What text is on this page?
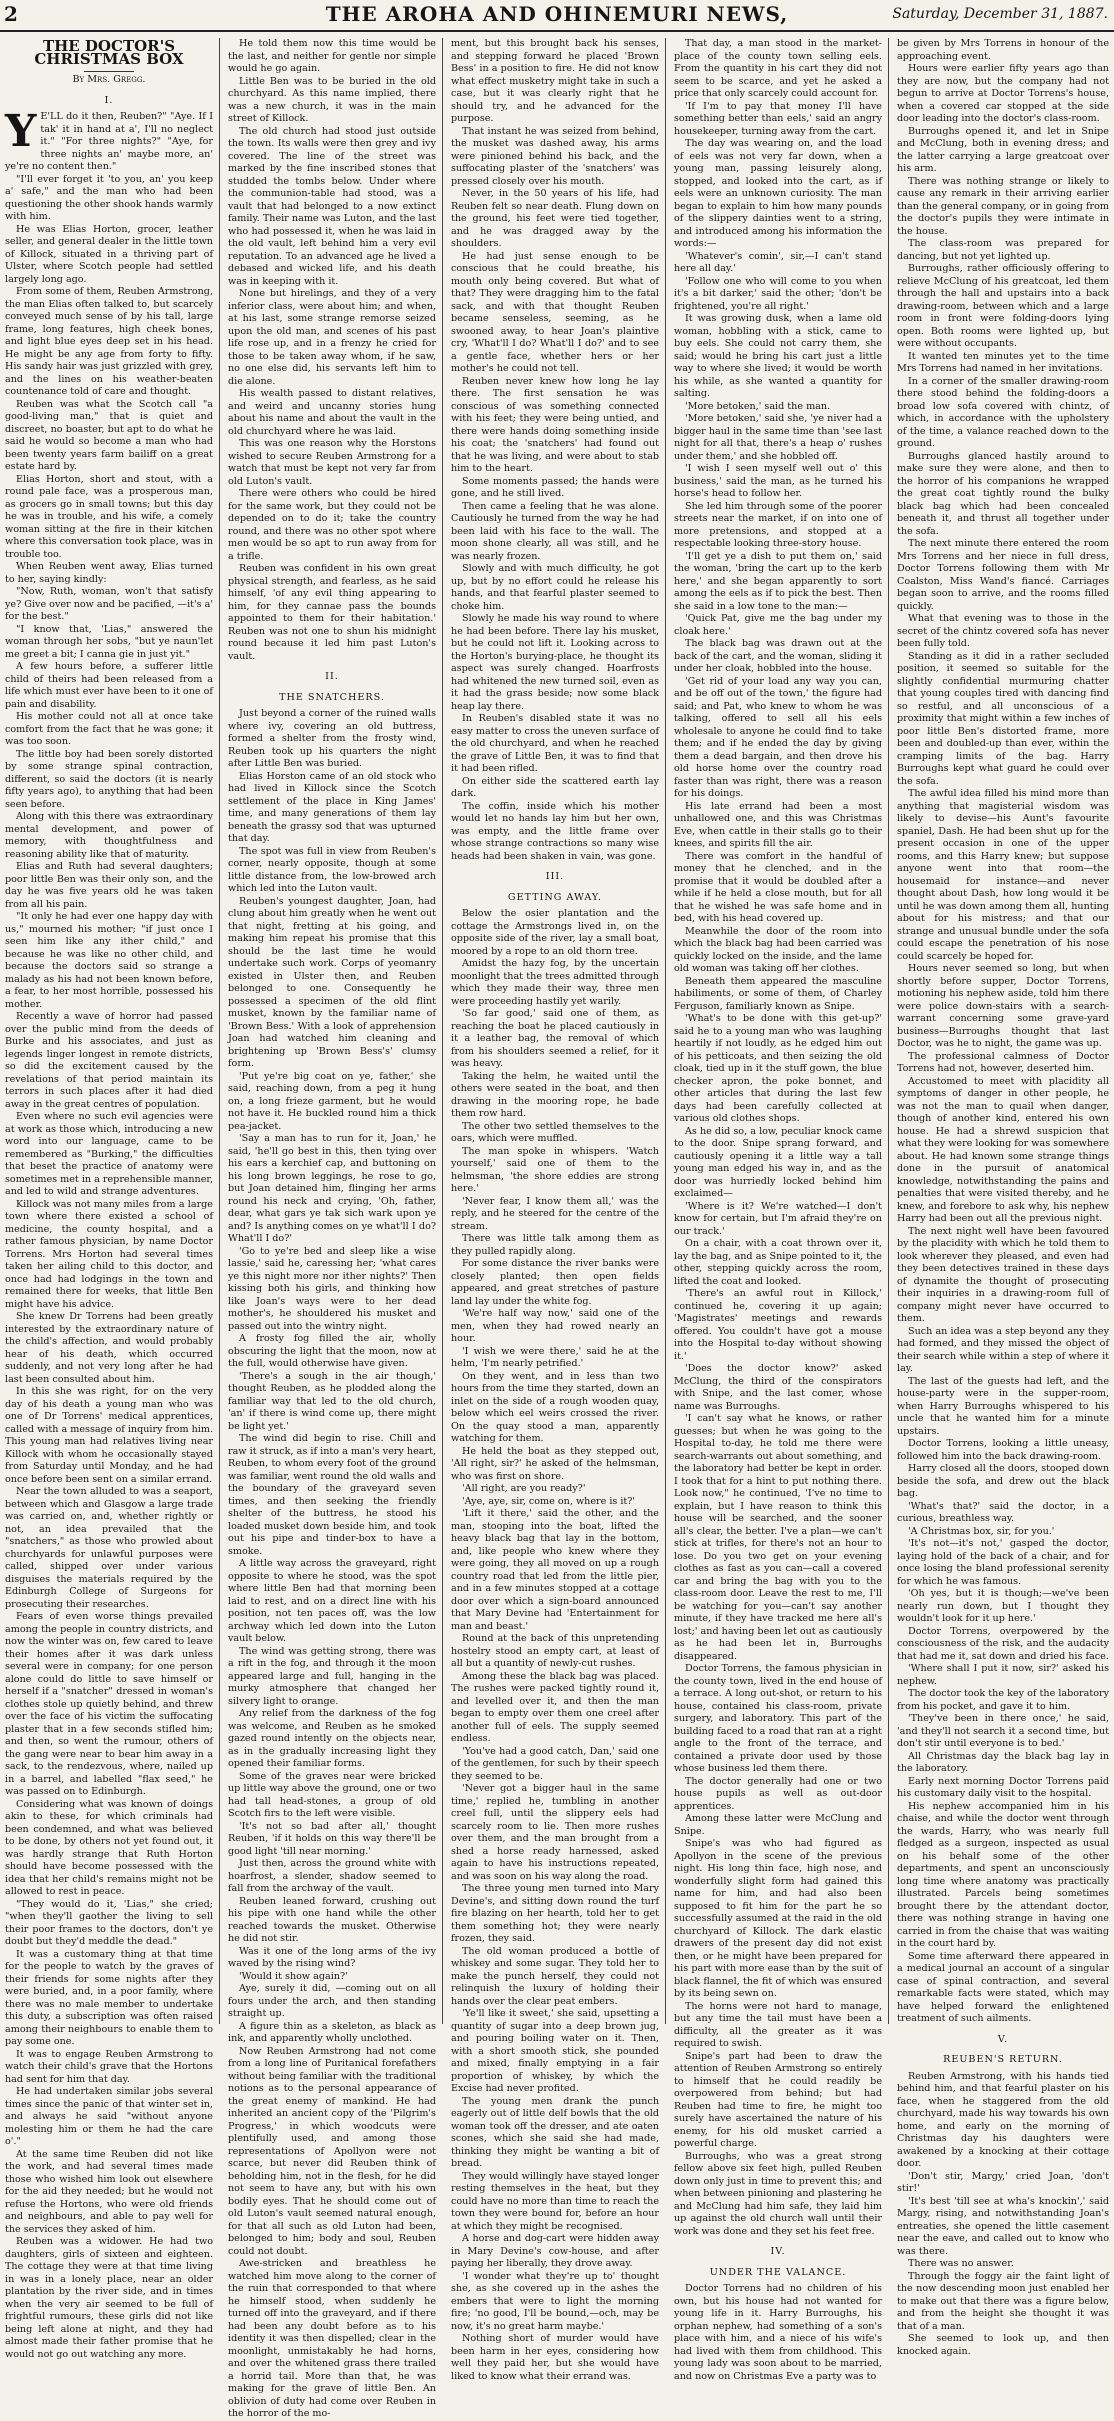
2	THE AROHA AND OHINEMURI NEWS,	Saturday, December 31, 1887.
THE DOCTOR'S CHRISTMAS BOX
By Mrs. Gregg.
I.

Y E'LL do it then, Reuben?" "Aye. If I tak' it in hand at a', I'll no neglect it." "For three nights?" "Aye, for three nights an' maybe more, an' ye're no content then."

"I'll ever forget it 'to you, an' you keep a' safe," and the man who had been questioning the other shook hands warmly with him.

He was Elias Horton, grocer, leather seller, and general dealer in the little town of Killock, situated in a thriving part of Ulster, where Scotch people had settled largely long ago.

From some of them, Reuben Armstrong, the man Elias often talked to, but scarcely conveyed much sense of by his tall, large frame, long features, high cheek bones, and light blue eyes deep set in his head. He might be any age from forty to fifty. His sandy hair was just grizzled with grey, and the lines on his weather-beaten countenance told of care and thought.

Reuben was what the Scotch call "a good-living man," that is quiet and discreet, no boaster, but apt to do what he said he would so become a man who had been twenty years farm bailiff on a great estate hard by.

Elias Horton, short and stout, with a round pale face, was a prosperous man, as grocers go in small towns; but this day he was in trouble, and his wife, a comely woman sitting at the fire in their kitchen where this conversation took place, was in trouble too.

When Reuben went away, Elias turned to her, saying kindly:

"Now, Ruth, woman, won't that satisfy ye? Give over now and be pacified, —it's a' for the best."

"I know that, 'Lias," answered the woman through her sobs, "but ye naun'let me greet a bit; I canna gie in just yit."

A few hours before, a sufferer little child of theirs had been released from a life which must ever have been to it one of pain and disability.

His mother could not all at once take comfort from the fact that he was gone; it was too soon.

The little boy had been sorely distorted by some strange spinal contraction, different, so said the doctors (it is nearly fifty years ago), to anything that had been seen before.

Along with this there was extraordinary mental development, and power of memory, with thoughtfulness and reasoning ability like that of maturity.

Elias and Ruth had several daughters; poor little Ben was their only son, and the day he was five years old he was taken from all his pain.

"It only he had ever one happy day with us," mourned his mother; "if just once I seen him like any ither child," and because he was like no other child, and because the doctors said so strange a malady as his had not been known before, a fear, to her most horrible, possessed his mother.

Recently a wave of horror had passed over the public mind from the deeds of Burke and his associates, and just as legends linger longest in remote districts, so did the excitement caused by the revelations of that period maintain its terrors in such places after it had died away in the great centres of population.

Even where no such evil agencies were at work as those which, introducing a new word into our language, came to be remembered as "Burking," the difficulties that beset the practice of anatomy were sometimes met in a reprehensible manner, and led to wild and strange adventures.

Killock was not many miles from a large town where there existed a school of medicine, the county hospital, and a rather famous physician, by name Doctor Torrens. Mrs Horton had several times taken her ailing child to this doctor, and once had had lodgings in the town and remained there for weeks, that little Ben might have his advice.

She knew Dr Torrens had been greatly interested by the extraordinary nature of the child's affection, and would probably hear of his death, which occurred suddenly, and not very long after he had last been consulted about him.

In this she was right, for on the very day of his death a young man who was one of Dr Torrens' medical apprentices, called with a message of inquiry from him. This young man had relatives living near Killock with whom he occasionally stayed from Saturday until Monday, and he had once before been sent on a similar errand.

Near the town alluded to was a seaport, between which and Glasgow a large trade was carried on, and, whether rightly or not, an idea prevailed that the "snatchers," as those who prowled about churchyards for unlawful purposes were called, shipped over under various disguises the materials required by the Edinburgh College of Surgeons for prosecuting their researches.

Fears of even worse things prevailed among the people in country districts, and now the winter was on, few cared to leave their homes after it was dark unless several were in company; for one person alone could do little to save himself or herself if a "snatcher" dressed in woman's clothes stole up quietly behind, and threw over the face of his victim the suffocating plaster that in a few seconds stifled him; and then, so went the rumour, others of the gang were near to bear him away in a sack, to the rendezvous, where, nailed up in a barrel, and labelled "flax seed," he was passed on to Edinburgh.

Considering what was known of doings akin to these, for which criminals had been condemned, and what was believed to be done, by others not yet found out, it was hardly strange that Ruth Horton should have become possessed with the idea that her child's remains might not be allowed to rest in peace.

"They would do it, 'Lias," she cried; "when they'll gaother the living to sell their poor frames to the doctors, don't ye doubt but they'd meddle the dead."

It was a customary thing at that time for the people to watch by the graves of their friends for some nights after they were buried, and, in a poor family, where there was no male member to undertake this duty, a subscription was often raised among their neighbours to enable them to pay some one.

It was to engage Reuben Armstrong to watch their child's grave that the Hortons had sent for him that day.

He had undertaken similar jobs several times since the panic of that winter set in, and always he said "without anyone molesting him or them he had the care o'."

At the same time Reuben did not like the work, and had several times made those who wished him look out elsewhere for the aid they needed; but he would not refuse the Hortons, who were old friends and neighbours, and able to pay well for the services they asked of him.

Reuben was a widower. He had two daughters, girls of sixteen and eighteen. The cottage they were at that time living in was in a lonely place, near an older plantation by the river side, and in times when the very air seemed to be full of frightful rumours, these girls did not like being left alone at night, and they had almost made their father promise that he would not go out watching any more.

He told them now this time would be the last, and neither for gentle nor simple would he go again.

Little Ben was to be buried in the old churchyard. As this name implied, there was a new church, it was in the main street of Killock.

The old church had stood just outside the town. Its walls were then grey and ivy covered. The line of the street was marked by the fine inscribed stones that studded the tombs below. Under where the communion-table had stood, was a vault that had belonged to a now extinct family. Their name was Luton, and the last who had possessed it, when he was laid in the old vault, left behind him a very evil reputation. To an advanced age he lived a debased and wicked life, and his death was in keeping with it.

None but hirelings, and they of a very inferior class, were about him; and when, at his last, some strange remorse seized upon the old man, and scenes of his past life rose up, and in a frenzy he cried for those to be taken away whom, if he saw, no one else did, his servants left him to die alone.

His wealth passed to distant relatives, and weird and uncanny stories hung about his name and about the vault in the old churchyard where he was laid.

This was one reason why the Horstons wished to secure Reuben Armstrong for a watch that must be kept not very far from old Luton's vault.

There were others who could be hired for the same work, but they could not be depended on to do it; take the country round, and there was no other spot where men would be so apt to run away from for a trifle.

Reuben was confident in his own great physical strength, and fearless, as he said himself, 'of any evil thing appearing to him, for they cannae pass the bounds appointed to them for their habitation.' Reuben was not one to shun his midnight round because it led him past Luton's vault.

II.
THE SNATCHERS.

Just beyond a corner of the ruined walls where ivy, covering an old buttress, formed a shelter from the frosty wind, Reuben took up his quarters the night after Little Ben was buried.

Elias Horston came of an old stock who had lived in Killock since the Scotch settlement of the place in King James' time, and many generations of them lay beneath the grassy sod that was upturned that day.

The spot was full in view from Reuben's corner, nearly opposite, though at some little distance from, the low-browed arch which led into the Luton vault.

Reuben's youngest daughter, Joan, had clung about him greatly when he went out that night, fretting at his going, and making him repeat his promise that this should be the last time he would undertake such work. Corps of yeomanry existed in Ulster then, and Reuben belonged to one. Consequently he possessed a specimen of the old flint musket, known by the familiar name of 'Brown Bess.' With a look of apprehension Joan had watched him cleaning and brightening up 'Brown Bess's' clumsy form.

'Put ye're big coat on ye, father,' she said, reaching down, from a peg it hung on, a long frieze garment, but he would not have it. He buckled round him a thick pea-jacket.

'Say a man has to run for it, Joan,' he said, 'he'll go best in this, then tying over his ears a kerchief cap, and buttoning on his long brown leggings, he rose to go, but Joan detained him, flinging her arms round his neck and crying, 'Oh, father, dear, what gars ye tak sich wark upon ye and? Is anything comes on ye what'll I do? What'll I do?'

'Go to ye're bed and sleep like a wise lassie,' said he, caressing her; 'what cares ye this night more nor ither nights?' Then kissing both his girls, and thinking how like Joan's ways were to her dead mother's, he shouldered his musket and passed out into the wintry night.

A frosty fog filled the air, wholly obscuring the light that the moon, now at the full, would otherwise have given.

'There's a sough in the air though,' thought Reuben, as he plodded along the familiar way that led to the old church, 'an' if there is wind come up, there might be light yet.'

The wind did begin to rise. Chill and raw it struck, as if into a man's very heart, Reuben, to whom every foot of the ground was familiar, went round the old walls and the boundary of the graveyard seven times, and then seeking the friendly shelter of the buttress, he stood his loaded musket down beside him, and took out his pipe and tinder-box to have a smoke.

A little way across the graveyard, right opposite to where he stood, was the spot where little Ben had that morning been laid to rest, and on a direct line with his position, not ten paces off, was the low archway which led down into the Luton vault below.

The wind was getting strong, there was a rift in the fog, and through it the moon appeared large and full, hanging in the murky atmosphere that changed her silvery light to orange.

Any relief from the darkness of the fog was welcome, and Reuben as he smoked gazed round intently on the objects near, as in the gradually increasing light they opened their familiar forms.

Some of the graves near were bricked up little way above the ground, one or two had tall head-stones, a group of old Scotch firs to the left were visible.

'It's not so bad after all,' thought Reuben, 'if it holds on this way there'll be good light 'till near morning.'

Just then, across the ground white with hoarfrost, a slender, shadow seemed to fall from the archway of the vault.

Reuben leaned forward, crushing out his pipe with one hand while the other reached towards the musket. Otherwise he did not stir.

Was it one of the long arms of the ivy waved by the rising wind?

'Would it show again?'

Aye, surely it did, —coming out on all fours under the arch, and then standing straight up.

A figure thin as a skeleton, as black as ink, and apparently wholly unclothed.

Now Reuben Armstrong had not come from a long line of Puritanical forefathers without being familiar with the traditional notions as to the personal appearance of the great enemy of mankind. He had inherited an ancient copy of the 'Pilgrim's Progress,' in which woodcuts were plentifully used, and among those representations of Apollyon were not scarce, but never did Reuben think of beholding him, not in the flesh, for he did not seem to have any, but with his own bodily eyes. That he should come out of old Luton's vault seemed natural enough, for that all such as old Luton had been, belonged to him; body and soul, Reuben could not doubt.

Awe-stricken and breathless he watched him move along to the corner of the ruin that corresponded to that where he himself stood, when suddenly he turned off into the graveyard, and if there had been any doubt before as to his identity it was then dispelled; clear in the moonlight, unmistakably he had horns, and over the whitened grass there trailed a horrid tail. More than that, he was making for the grave of little Ben. An oblivion of duty had come over Reuben in the horror of the mo-

ment, but this brought back his senses, and stepping forward he placed 'Brown Bess' in a position to fire. He did not know what effect musketry might take in such a case, but it was clearly right that he should try, and he advanced for the purpose.

That instant he was seized from behind, the musket was dashed away, his arms were pinioned behind his back, and the suffocating plaster of the 'snatchers' was pressed closely over his mouth.

Never, in the 50 years of his life, had Reuben felt so near death. Flung down on the ground, his feet were tied together, and he was dragged away by the shoulders.

He had just sense enough to be conscious that he could breathe, his mouth only being covered. But what of that? They were dragging him to the fatal sack, and with that thought Reuben became senseless, seeming, as he swooned away, to hear Joan's plaintive cry, 'What'll I do? What'll I do?' and to see a gentle face, whether hers or her mother's he could not tell.

Reuben never knew how long he lay there. The first sensation he was conscious of was something connected with his feet; they were being untied, and there were hands doing something inside his coat; the 'snatchers' had found out that he was living, and were about to stab him to the heart.

Some moments passed; the hands were gone, and he still lived.

Then came a feeling that he was alone. Cautiously he turned from the way he had been laid with his face to the wall. The moon shone clearly, all was still, and he was nearly frozen.

Slowly and with much difficulty, he got up, but by no effort could he release his hands, and that fearful plaster seemed to choke him.

Slowly he made his way round to where he had been before. There lay his musket, but he could not lift it. Looking across to the Horton's burying-place, he thought its aspect was surely changed. Hoarfrosts had whitened the new turned soil, even as it had the grass beside; now some black heap lay there.

In Reuben's disabled state it was no easy matter to cross the uneven surface of the old churchyard, and when he reached the grave of Little Ben, it was to find that it had been rifled.

On either side the scattered earth lay dark.

The coffin, inside which his mother would let no hands lay him but her own, was empty, and the little frame over whose strange contractions so many wise heads had been shaken in vain, was gone.

III.
GETTING AWAY.

Below the osier plantation and the cottage the Armstrongs lived in, on the opposite side of the river, lay a small boat, moored by a rope to an old thorn tree.

Amidst the hazy fog, by the uncertain moonlight that the trees admitted through which they made their way, three men were proceeding hastily yet warily.

'So far good,' said one of them, as reaching the boat he placed cautiously in it a leather bag, the removal of which from his shoulders seemed a relief, for it was heavy.

Taking the helm, he waited until the others were seated in the boat, and then drawing in the mooring rope, he bade them row hard.

The other two settled themselves to the oars, which were muffled.

The man spoke in whispers. 'Watch yourself,' said one of them to the helmsman, 'the shore eddies are strong here.'

'Never fear, I know them all,' was the reply, and he steered for the centre of the stream.

There was little talk among them as they pulled rapidly along.

For some distance the river banks were closely planted; then open fields appeared, and great stretches of pasture land lay under the white fog.

'We're half way now,' said one of the men, when they had rowed nearly an hour.

'I wish we were there,' said he at the helm, 'I'm nearly petrified.'

On they went, and in less than two hours from the time they started, down an inlet on the side of a rough wooden quay, below which eel weirs crossed the river. On the quay stood a man, apparently watching for them.

He held the boat as they stepped out, 'All right, sir?' he asked of the helmsman, who was first on shore.

'All right, are you ready?'

'Aye, aye, sir, come on, where is it?'

'Lift it there,' said the other, and the man, stooping into the boat, lifted the heavy black bag that lay in the bottom, and, like people who knew where they were going, they all moved on up a rough country road that led from the little pier, and in a few minutes stopped at a cottage door over which a sign-board announced that Mary Devine had 'Entertainment for man and beast.'

Round at the back of this unpretending hostelry stood an empty cart, at least of all but a quantity of newly-cut rushes.

Among these the black bag was placed. The rushes were packed tightly round it, and levelled over it, and then the man began to empty over them one creel after another full of eels. The supply seemed endless.

'You've had a good catch, Dan,' said one of the gentlemen, for such by their speech they seemed to be.

'Never got a bigger haul in the same time,' replied he, tumbling in another creel full, until the slippery eels had scarcely room to lie. Then more rushes over them, and the man brought from a shed a horse ready harnessed, asked again to have his instructions repeated, and was soon on his way along the road.

The three young men turned into Mary Devine's, and sitting down round the turf fire blazing on her hearth, told her to get them something hot; they were nearly frozen, they said.

The old woman produced a bottle of whiskey and some sugar. They told her to make the punch herself, they could not relinquish the luxury of holding their hands over the clear peat embers.

'Ye'll like it sweet,' she said, upsetting a quantity of sugar into a deep brown jug, and pouring boiling water on it. Then, with a short smooth stick, she pounded and mixed, finally emptying in a fair proportion of whiskey, by which the Excise had never profited.

The young men drank the punch eagerly out of little delf bowls that the old woman took off the dresser, and ate oaten scones, which she said she had made, thinking they might be wanting a bit of bread.

They would willingly have stayed longer resting themselves in the heat, but they could have no more than time to reach the town they were bound for, before an hour at which they might be recognised.

A horse and dog-cart were hidden away in Mary Devine's cow-house, and after paying her liberally, they drove away.

'I wonder what they're up to' thought she, as she covered up in the ashes the embers that were to light the morning fire; 'no good, I'll be bound,—och, may be now, it's no great harm maybe.'

Nothing short of murder would have been harm in her eyes, considering how well they paid her, but she would have liked to know what their errand was.

That day, a man stood in the market-place of the county town selling eels. From the quantity in his cart they did not seem to be scarce, and yet he asked a price that only scarcely could account for.

'If I'm to pay that money I'll have something better than eels,' said an angry housekeeper, turning away from the cart.

The day was wearing on, and the load of eels was not very far down, when a young man, passing leisurely along, stopped, and looked into the cart, as if eels were an unknown curiosity. The man began to explain to him how many pounds of the slippery dainties went to a string, and introduced among his information the words:—

'Whatever's comin', sir,—I can't stand here all day.'

'Follow one who will come to you when it's a bit darker,' said the other; 'don't be frightened, you're all right.'

It was growing dusk, when a lame old woman, hobbling with a stick, came to buy eels. She could not carry them, she said; would he bring his cart just a little way to where she lived; it would be worth his while, as she wanted a quantity for salting.

'More betoken,' said the man.

'More betoken,' said she, 'ye niver had a bigger haul in the same time than 'see last night for all that, there's a heap o' rushes under them,' and she hobbled off.

'I wish I seen myself well out o' this business,' said the man, as he turned his horse's head to follow her.

She led him through some of the poorer streets near the market, if on into one of more pretensions, and stopped at a respectable looking three-story house.

'I'll get ye a dish to put them on,' said the woman, 'bring the cart up to the kerb here,' and she began apparently to sort among the eels as if to pick the best. Then she said in a low tone to the man:—

'Quick Pat, give me the bag under my cloak here.'

The black bag was drawn out at the back of the cart, and the woman, sliding it under her cloak, hobbled into the house.

'Get rid of your load any way you can, and be off out of the town,' the figure had said; and Pat, who knew to whom he was talking, offered to sell all his eels wholesale to anyone he could find to take them; and if he ended the day by giving them a dead bargain, and then drove his old horse home over the country road faster than was right, there was a reason for his doings.

His late errand had been a most unhallowed one, and this was Christmas Eve, when cattle in their stalls go to their knees, and spirits fill the air.

There was comfort in the handful of money that he clenched, and in the promise that it would be doubled after a while if he held a close mouth, but for all that he wished he was safe home and in bed, with his head covered up.

Meanwhile the door of the room into which the black bag had been carried was quickly locked on the inside, and the lame old woman was taking off her clothes.

Beneath them appeared the masculine habiliments, or some of them, of Charley Ferguson, familiarly known as Snipe.

'What's to be done with this get-up?' said he to a young man who was laughing heartily if not loudly, as he edged him out of his petticoats, and then seizing the old cloak, tied up in it the stuff gown, the blue checker apron, the poke bonnet, and other articles that during the last few days had been carefully collected at various old clothes shops.

As he did so, a low, peculiar knock came to the door. Snipe sprang forward, and cautiously opening it a little way a tall young man edged his way in, and as the door was hurriedly locked behind him exclaimed—

'Where is it? We're watched—I don't know for certain, but I'm afraid they're on our track.'

On a chair, with a coat thrown over it, lay the bag, and as Snipe pointed to it, the other, stepping quickly across the room, lifted the coat and looked.

'There's an awful rout in Killock,' continued he, covering it up again; 'Magistrates' meetings and rewards offered. You couldn't have got a mouse into the Hospital to-day without showing it.'

'Does the doctor know?' asked McClung, the third of the conspirators with Snipe, and the last comer, whose name was Burroughs.

'I can't say what he knows, or rather guesses; but when he was going to the Hospital to-day, he told me there were search-warrants out about something, and the laboratory had better be kept in order. I took that for a hint to put nothing there. Look now," he continued, 'I've no time to explain, but I have reason to think this house will be searched, and the sooner all's clear, the better. I've a plan—we can't stick at trifles, for there's not an hour to lose. Do you two get on your evening clothes as fast as you can—call a covered car and bring the bag with you to the class-room door. Leave the rest to me, I'll be watching for you—can't say another minute, if they have tracked me here all's lost;' and having been let out as cautiously as he had been let in, Burroughs disappeared.

Doctor Torrens, the famous physician in the county town, lived in the end house of a terrace. A long out-shot, or return to his house, contained his class-room, private surgery, and laboratory. This part of the building faced to a road that ran at a right angle to the front of the terrace, and contained a private door used by those whose business led them there.

The doctor generally had one or two house pupils as well as out-door apprentices.

Among these latter were McClung and Snipe.

Snipe's was who had figured as Apollyon in the scene of the previous night. His long thin face, high nose, and wonderfully slight form had gained this name for him, and had also been supposed to fit him for the part he so successfully assumed at the raid in the old churchyard of Killock. The dark elastic drawers of the present day did not exist then, or he might have been prepared for his part with more ease than by the suit of black flannel, the fit of which was ensured by its being sewn on.

The horns were not hard to manage, but any time the tail must have been a difficulty, all the greater as it was required to swish.

Snipe's part had been to draw the attention of Reuben Armstrong so entirely to himself that he could readily be overpowered from behind; but had Reuben had time to fire, he might too surely have ascertained the nature of his enemy, for his old musket carried a powerful charge.

Burroughs, who was a great strong fellow above six feet high, pulled Reuben down only just in time to prevent this; and when between pinioning and plastering he and McClung had him safe, they laid him up against the old church wall until their work was done and they set his feet free.

IV.
UNDER THE VALANCE.

Doctor Torrens had no children of his own, but his house had not wanted for young life in it. Harry Burroughs, his orphan nephew, had something of a son's place with him, and a niece of his wife's had lived with them from childhood. This young lady was soon about to be married, and now on Christmas Eve a party was to

be given by Mrs Torrens in honour of the approaching event.

Hours were earlier fifty years ago than they are now, but the company had not begun to arrive at Doctor Torrens's house, when a covered car stopped at the side door leading into the doctor's class-room.

Burroughs opened it, and let in Snipe and McClung, both in evening dress; and the latter carrying a large greatcoat over his arm.

There was nothing strange or likely to cause any remark in their arriving earlier than the general company, or in going from the doctor's pupils they were intimate in the house.

The class-room was prepared for dancing, but not yet lighted up.

Burroughs, rather officiously offering to relieve McClung of his greatcoat, led them through the hall and upstairs into a back drawing-room, between which and a large room in front were folding-doors lying open. Both rooms were lighted up, but were without occupants.

It wanted ten minutes yet to the time Mrs Torrens had named in her invitations.

In a corner of the smaller drawing-room there stood behind the folding-doors a broad low sofa covered with chintz, of which, in accordance with the upholstery of the time, a valance reached down to the ground.

Burroughs glanced hastily around to make sure they were alone, and then to the horror of his companions he wrapped the great coat tightly round the bulky black bag which had been concealed beneath it, and thrust all together under the sofa.

The next minute there entered the room Mrs Torrens and her niece in full dress, Doctor Torrens following them with Mr Coalston, Miss Wand's fiancé. Carriages began soon to arrive, and the rooms filled quickly.

What that evening was to those in the secret of the chintz covered sofa has never been fully told.

Standing as it did in a rather secluded position, it seemed so suitable for the slightly confidential murmuring chatter that young couples tired with dancing find so restful, and all unconscious of a proximity that might within a few inches of poor little Ben's distorted frame, more been and doubled-up than ever, within the cramping limits of the bag. Harry Burroughs kept what guard he could over the sofa.

The awful idea filled his mind more than anything that magisterial wisdom was likely to devise—his Aunt's favourite spaniel, Dash. He had been shut up for the present occasion in one of the upper rooms, and this Harry knew; but suppose anyone went into that room—the housemaid for instance—and never thought about Dash, how long would it be until he was down among them all, hunting about for his mistress; and that our strange and unusual bundle under the sofa could escape the penetration of his nose could scarcely be hoped for.

Hours never seemed so long, but when shortly before supper, Doctor Torrens, motioning his nephew aside, told him there were police down-stairs with a search-warrant concerning some grave-yard business—Burroughs thought that last Doctor, was he to night, the game was up.

The professional calmness of Doctor Torrens had not, however, deserted him.

Accustomed to meet with placidity all symptoms of danger in other people, he was not the man to quail when danger, though of another kind, entered his own house. He had a shrewd suspicion that what they were looking for was somewhere about. He had known some strange things done in the pursuit of anatomical knowledge, notwithstanding the pains and penalties that were visited thereby, and he knew, and forebore to ask why, his nephew Harry had been out all the previous night.

The next night well have been favoured by the placidity with which he told them to look wherever they pleased, and even had they been detectives trained in these days of dynamite the thought of prosecuting their inquiries in a drawing-room full of company might never have occurred to them.

Such an idea was a step beyond any they had formed, and they missed the object of their search while within a step of where it lay.

The last of the guests had left, and the house-party were in the supper-room, when Harry Burroughs whispered to his uncle that he wanted him for a minute upstairs.

Doctor Torrens, looking a little uneasy, followed him into the back drawing-room.

Harry closed all the doors, stooped down beside the sofa, and drew out the black bag.

'What's that?' said the doctor, in a curious, breathless way.

'A Christmas box, sir, for you.'

'It's not—it's not,' gasped the doctor, laying hold of the back of a chair, and for once losing the bland professional serenity for which he was famous.

'Oh yes, but it is though;—we've been nearly run down, but I thought they wouldn't look for it up here.'

Doctor Torrens, overpowered by the consciousness of the risk, and the audacity that had me it, sat down and dried his face.

'Where shall I put it now, sir?' asked his nephew.

The doctor took the key of the laboratory from his pocket, and gave it to him.

'They've been in there once,' he said, 'and they'll not search it a second time, but don't stir until everyone is to bed.'

All Christmas day the black bag lay in the laboratory.

Early next morning Doctor Torrens paid his customary daily visit to the hospital.

His nephew accompanied him in his chaise, and while the doctor went through the wards, Harry, who was nearly full fledged as a surgeon, inspected as usual on his behalf some of the other departments, and spent an unconsciously long time where anatomy was practically illustrated. Parcels being sometimes brought there by the attendant doctor, there was nothing strange in having one carried in from the chaise that was waiting in the court hard by.

Some time afterward there appeared in a medical journal an account of a singular case of spinal contraction, and several remarkable facts were stated, which may have helped forward the enlightened treatment of such ailments.

V.
REUBEN'S RETURN.

Reuben Armstrong, with his hands tied behind him, and that fearful plaster on his face, when he staggered from the old churchyard, made his way towards his own home, and early on the morning of Christmas day his daughters were awakened by a knocking at their cottage door.

'Don't stir, Margy,' cried Joan, 'don't stir!'

'It's best 'till see at wha's knockin',' said Margy, rising, and notwithstanding Joan's entreaties, she opened the little casement near the eave, and called out to know who was there.

There was no answer.

Through the foggy air the faint light of the now descending moon just enabled her to make out that there was a figure below, and from the height she thought it was that of a man.

She seemed to look up, and then knocked again.
